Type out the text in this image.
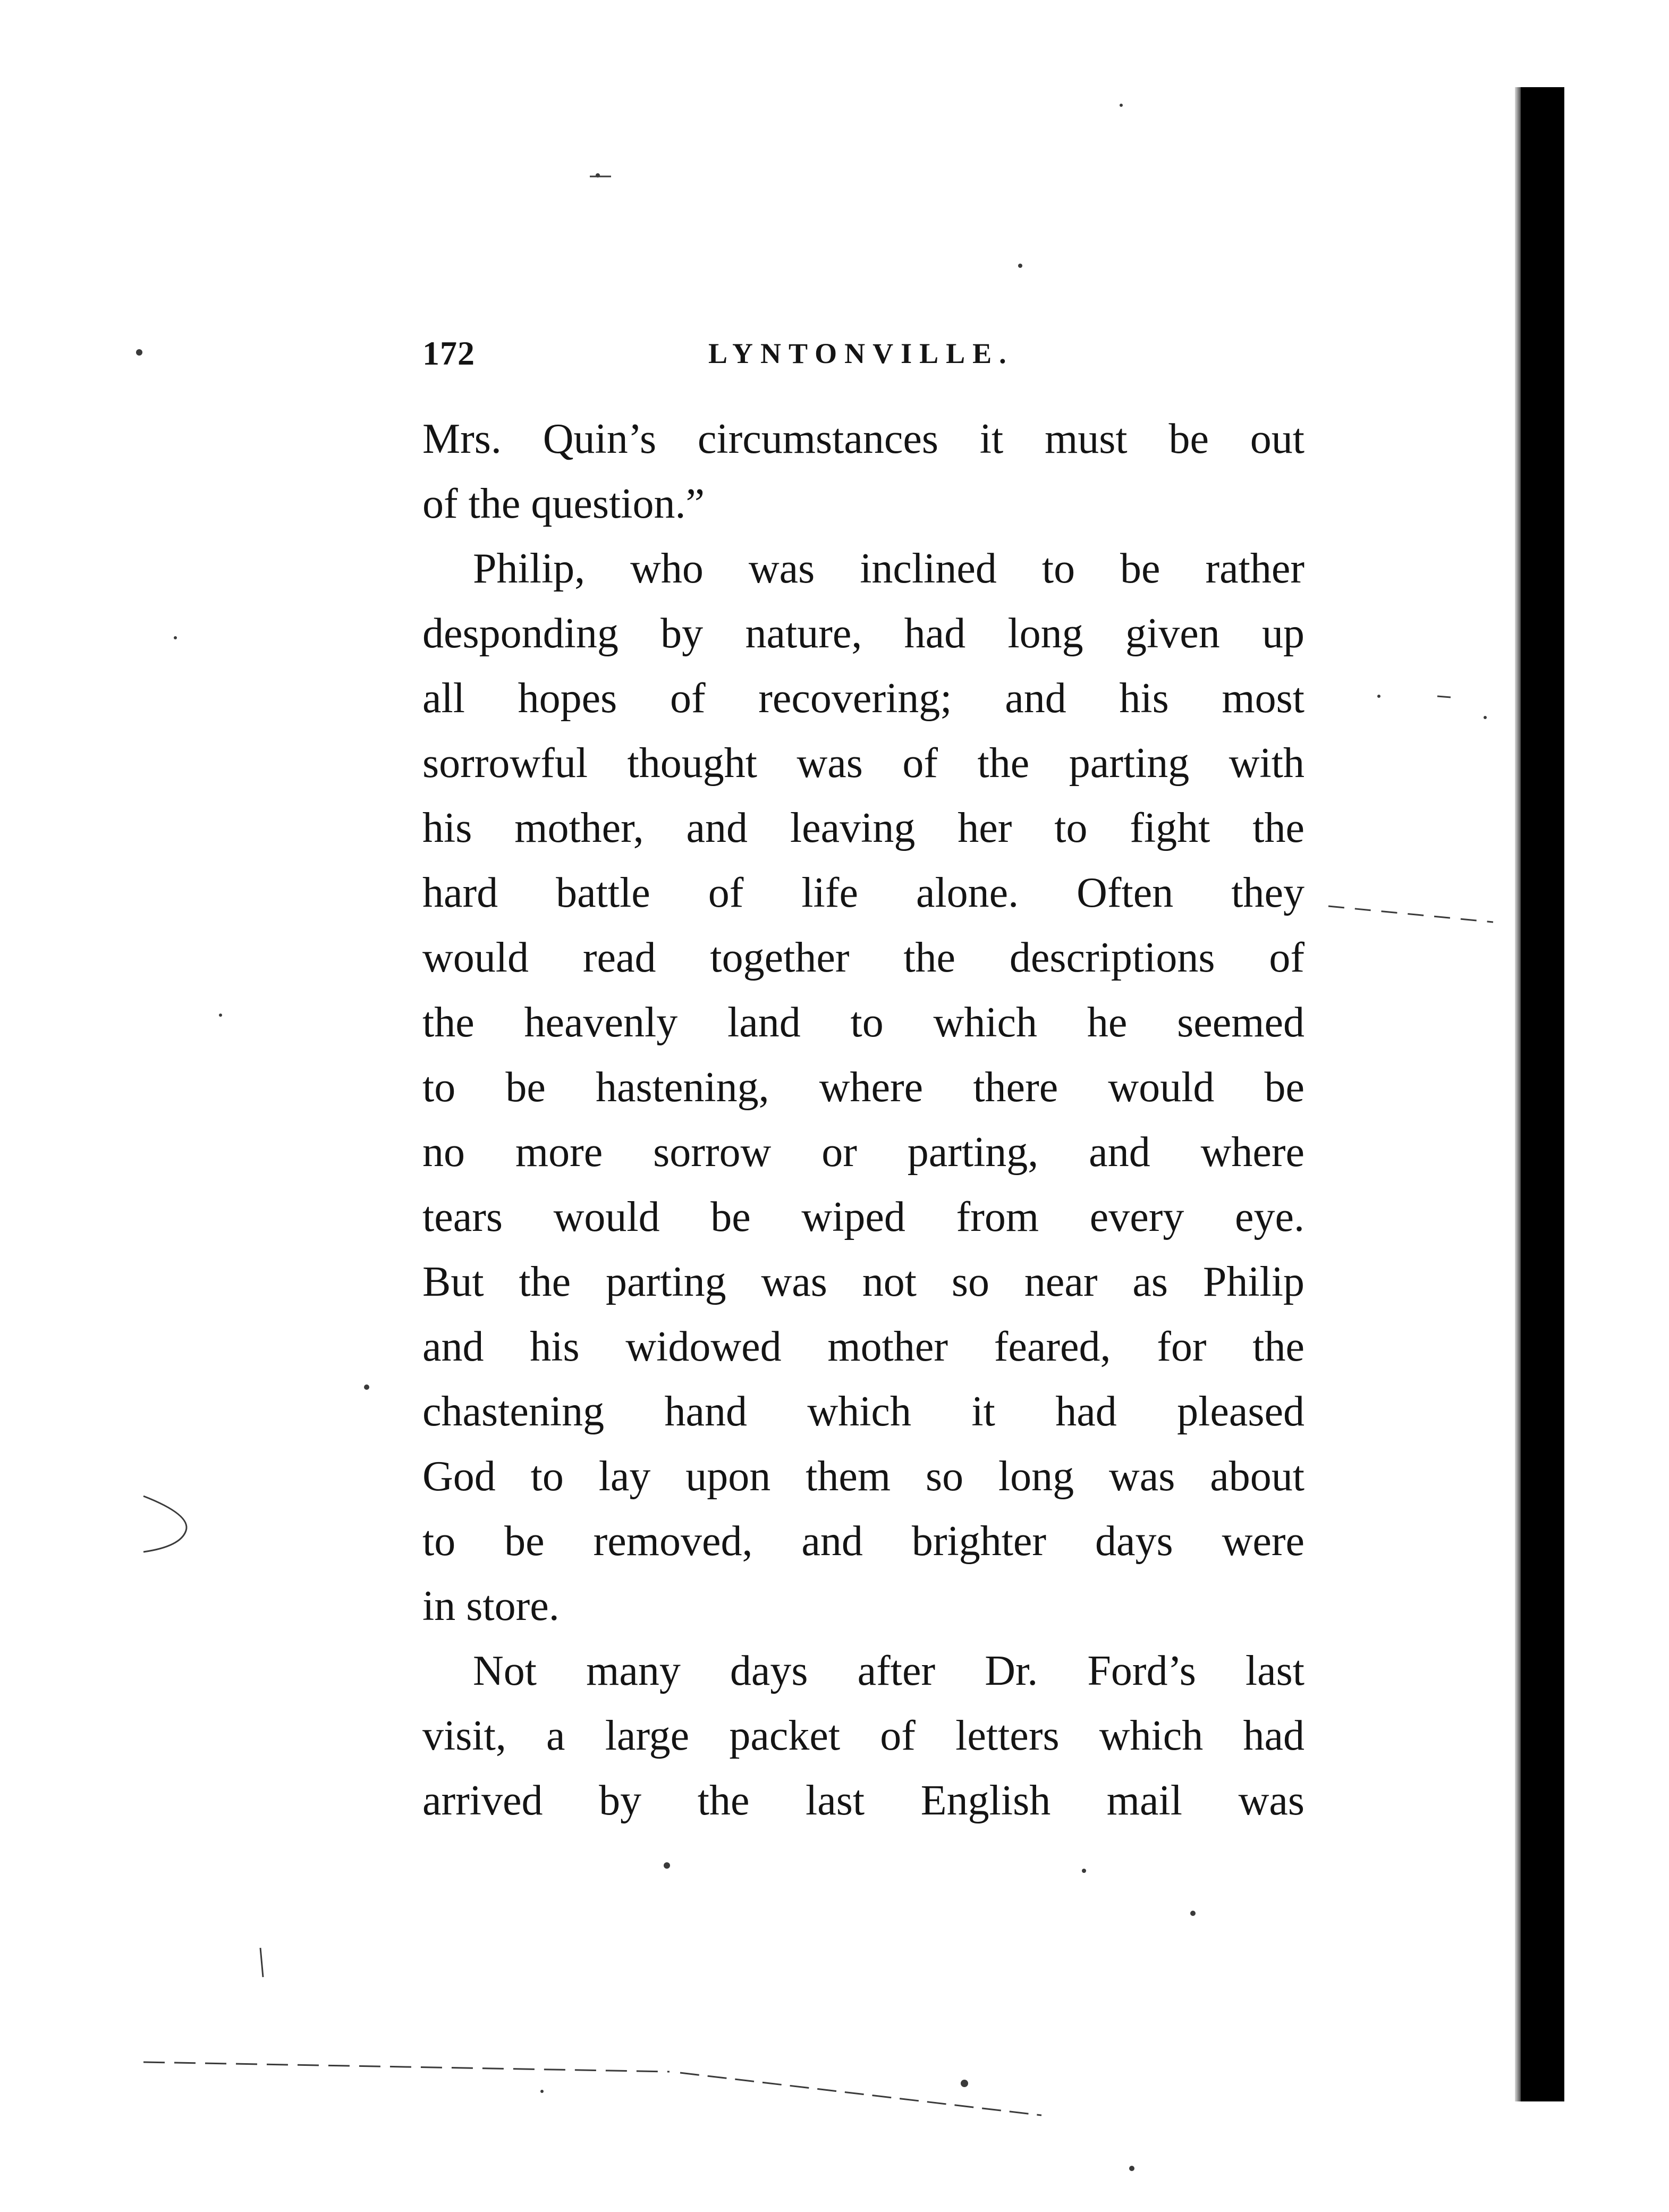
172	LYNTONVILLE.
Mrs. Quin’s circumstances it must be out
of the question.”
Philip, who was inclined to be rather
desponding by nature, had long given up
all hopes of recovering; and his most
sorrowful thought was of the parting with
his mother, and leaving her to fight the
hard battle of life alone. Often they
would read together the descriptions of
the heavenly land to which he seemed
to be hastening, where there would be
no more sorrow or parting, and where
tears would be wiped from every eye.
But the parting was not so near as Philip
and his widowed mother feared, for the
chastening hand which it had pleased
God to lay upon them so long was about
to be removed, and brighter days were
in store.
Not many days after Dr. Ford’s last
visit, a large packet of letters which had
arrived by the last English mail was
